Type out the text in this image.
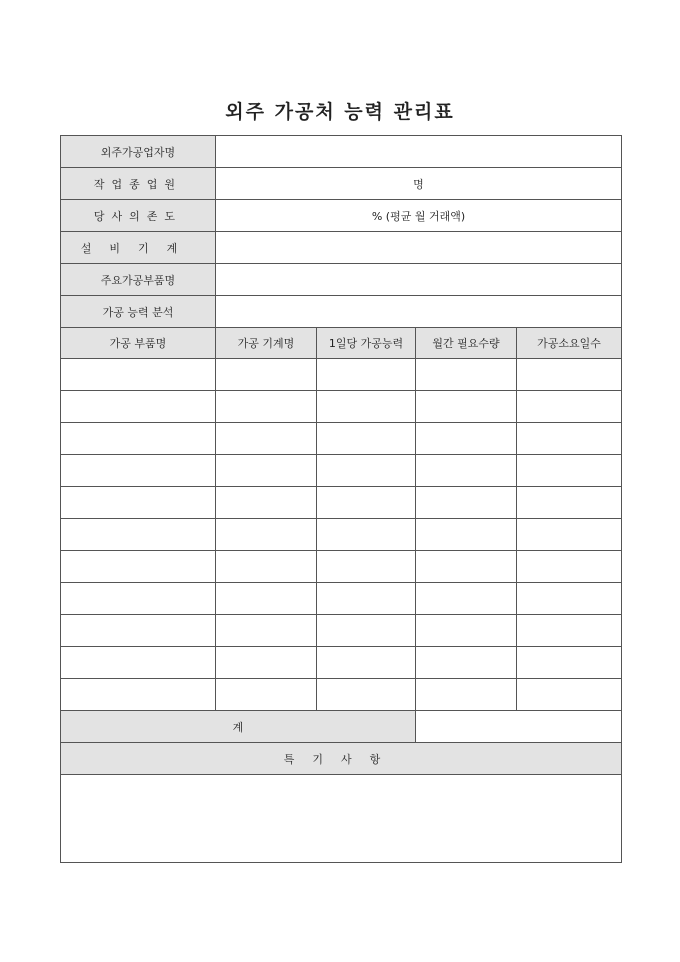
외주 가공처 능력 관리표
외주가공업자명				
작업종업원	명			
당사의존도	% (평균 월 거래액)			
설비기계				
주요가공부품명				
가공 능력 분석				
가공 부품명	가공 기계명	1일당 가공능력	월간 필요수량	가공소요일수

계				
특기사항				
